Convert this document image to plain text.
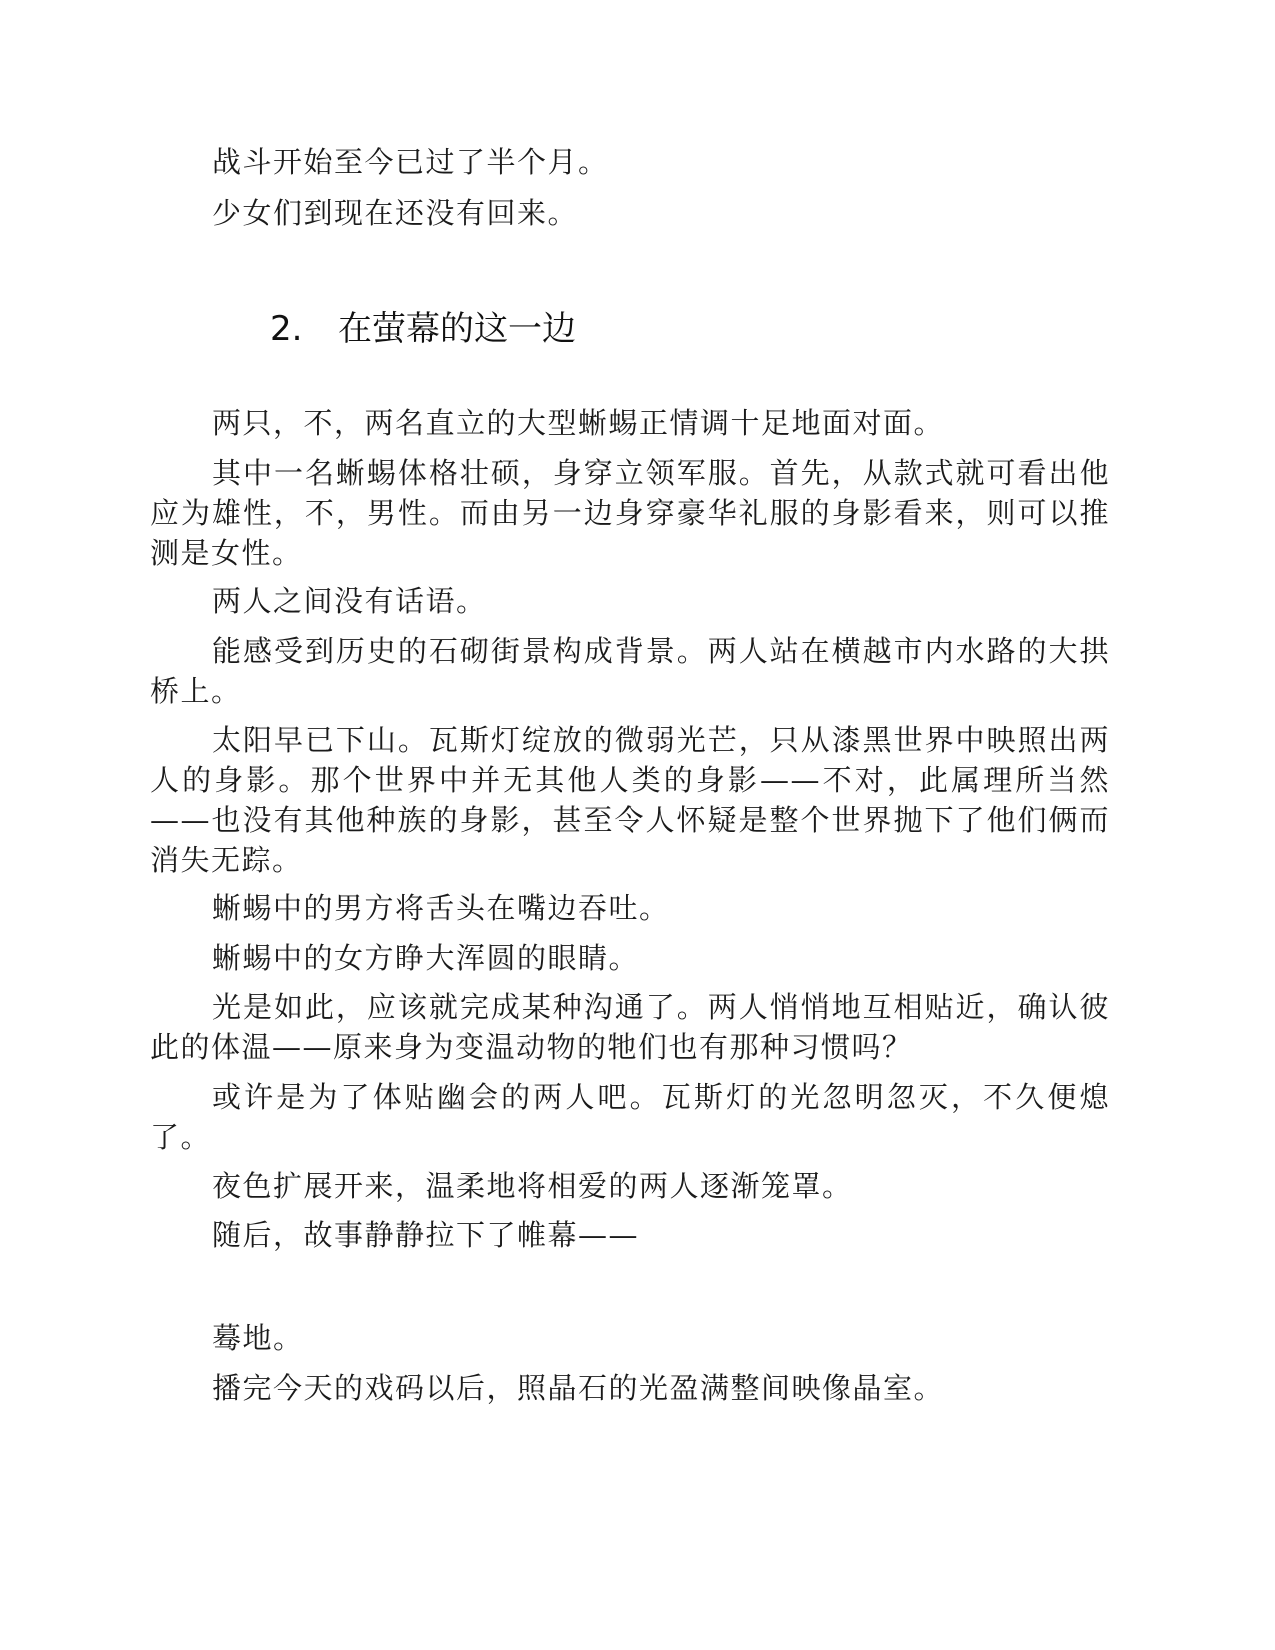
战斗开始至今已过了半个月。

少女们到现在还没有回来。

2. 在萤幕的这一边

两只，不，两名直立的大型蜥蜴正情调十足地面对面。

其中一名蜥蜴体格壮硕，身穿立领军服。首先，从款式就可看出他应为雄性，不，男性。而由另一边身穿豪华礼服的身影看来，则可以推测是女性。

两人之间没有话语。

能感受到历史的石砌街景构成背景。两人站在横越市内水路的大拱桥上。

太阳早已下山。瓦斯灯绽放的微弱光芒，只从漆黑世界中映照出两人的身影。那个世界中并无其他人类的身影——不对，此属理所当然——也没有其他种族的身影，甚至令人怀疑是整个世界抛下了他们俩而消失无踪。

蜥蜴中的男方将舌头在嘴边吞吐。

蜥蜴中的女方睁大浑圆的眼睛。

光是如此，应该就完成某种沟通了。两人悄悄地互相贴近，确认彼此的体温——原来身为变温动物的牠们也有那种习惯吗？

或许是为了体贴幽会的两人吧。瓦斯灯的光忽明忽灭，不久便熄了。

夜色扩展开来，温柔地将相爱的两人逐渐笼罩。

随后，故事静静拉下了帷幕——

蓦地。

播完今天的戏码以后，照晶石的光盈满整间映像晶室。
